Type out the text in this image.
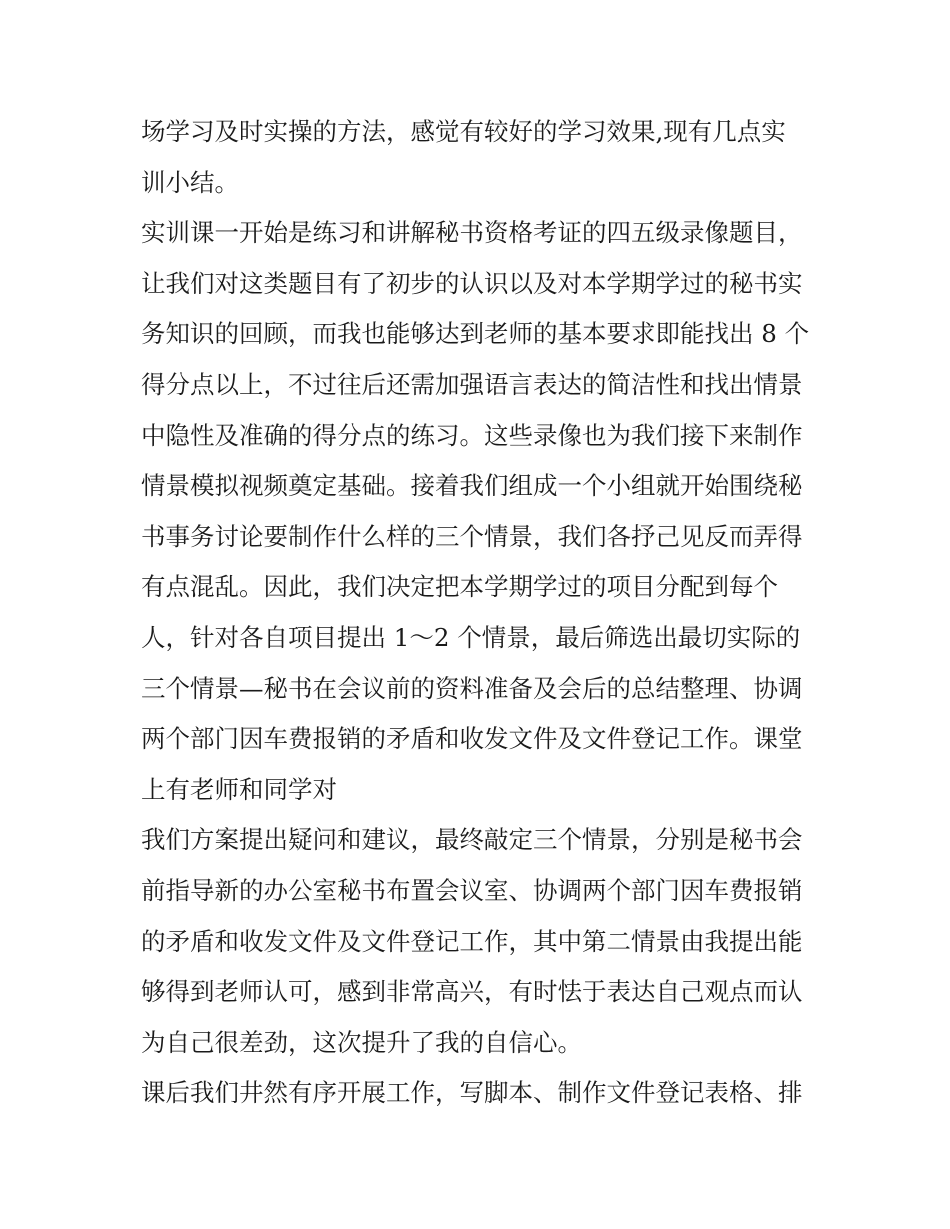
场学习及时实操的方法，感觉有较好的学习效果,现有几点实
训小结。
实训课一开始是练习和讲解秘书资格考证的四五级录像题目，
让我们对这类题目有了初步的认识以及对本学期学过的秘书实
务知识的回顾，而我也能够达到老师的基本要求即能找出 8 个
得分点以上，不过往后还需加强语言表达的简洁性和找出情景
中隐性及准确的得分点的练习。这些录像也为我们接下来制作
情景模拟视频奠定基础。接着我们组成一个小组就开始围绕秘
书事务讨论要制作什么样的三个情景，我们各抒己见反而弄得
有点混乱。因此，我们决定把本学期学过的项目分配到每个
人，针对各自项目提出 1～2 个情景，最后筛选出最切实际的
三个情景—秘书在会议前的资料准备及会后的总结整理、协调
两个部门因车费报销的矛盾和收发文件及文件登记工作。课堂
上有老师和同学对
我们方案提出疑问和建议，最终敲定三个情景，分别是秘书会
前指导新的办公室秘书布置会议室、协调两个部门因车费报销
的矛盾和收发文件及文件登记工作，其中第二情景由我提出能
够得到老师认可，感到非常高兴，有时怯于表达自己观点而认
为自己很差劲，这次提升了我的自信心。
课后我们井然有序开展工作，写脚本、制作文件登记表格、排
